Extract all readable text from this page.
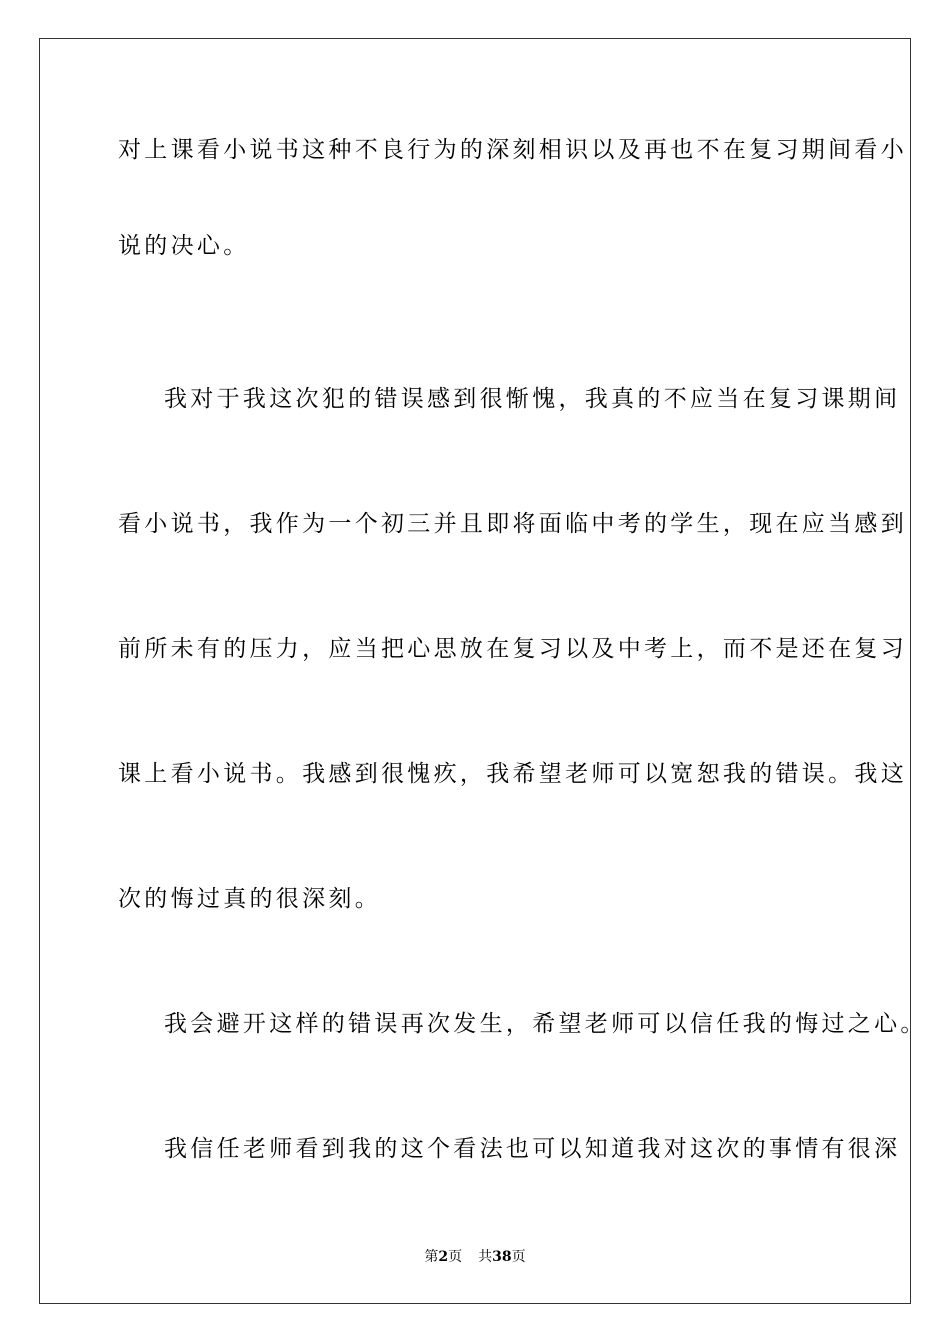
对上课看小说书这种不良行为的深刻相识以及再也不在复习期间看小
说的决心。
我对于我这次犯的错误感到很惭愧，我真的不应当在复习课期间
看小说书，我作为一个初三并且即将面临中考的学生，现在应当感到
前所未有的压力，应当把心思放在复习以及中考上，而不是还在复习
课上看小说书。我感到很愧疚，我希望老师可以宽恕我的错误。我这
次的悔过真的很深刻。
我会避开这样的错误再次发生，希望老师可以信任我的悔过之心。
我信任老师看到我的这个看法也可以知道我对这次的事情有很深
第2页 共38页
